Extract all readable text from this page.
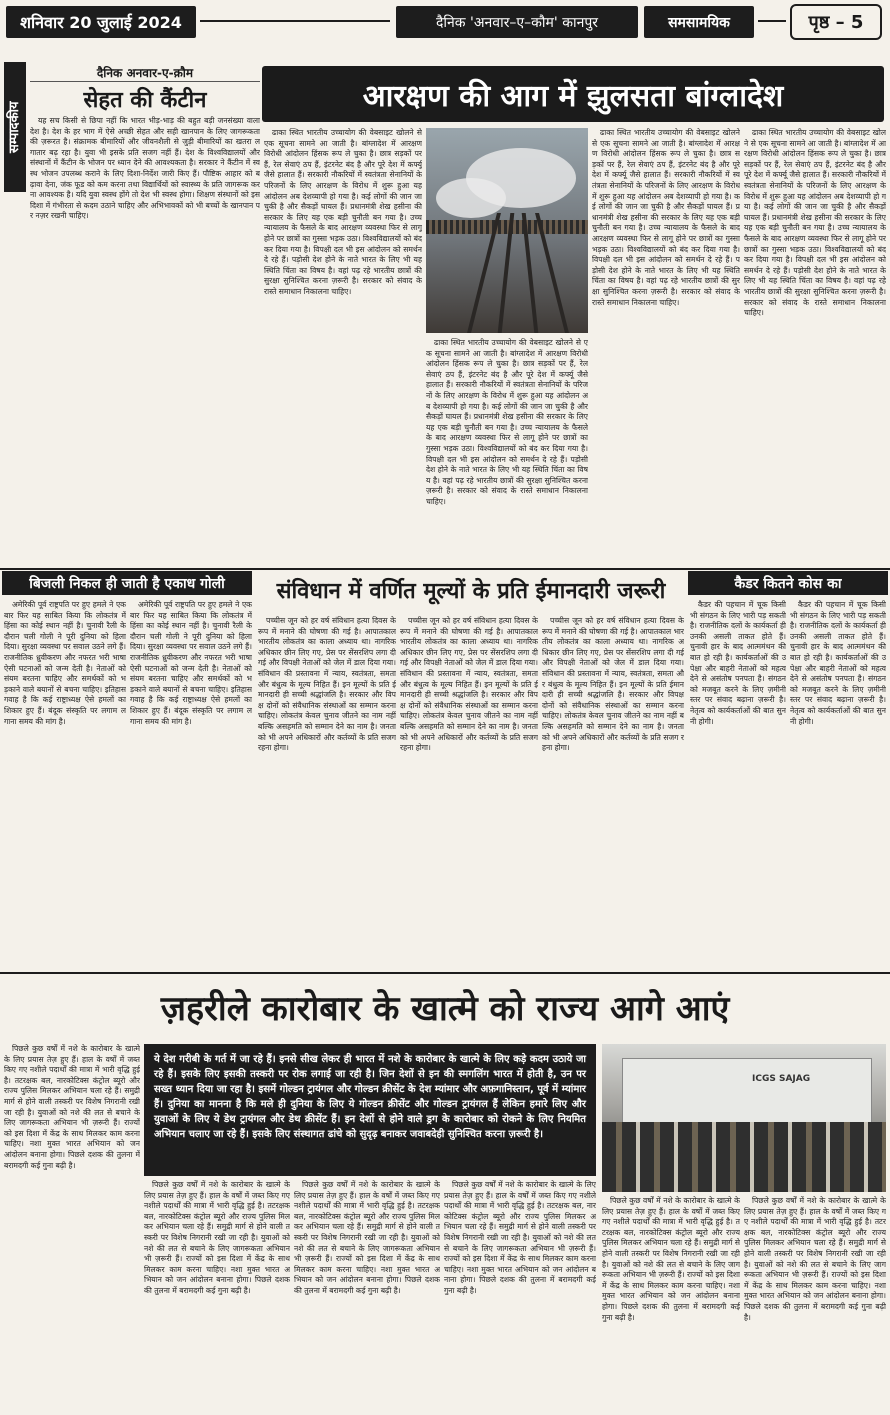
शनिवार 20 जुलाई 2024	दैनिक 'अनवार–ए–कौम' कानपुर	समसामयिक	पृष्ठ – 5
सम्पादकीय
दैनिक अनवार-ए-क़ौम
सेहत की कैंटीन

यह सच किसी से छिपा नहीं कि भारत भीड़-भाड़ की बहुत बड़ी जनसंख्या वाला देश है। देश के हर भाग में ऐसे अच्छी सेहत और सही खानपान के लिए जागरूकता की ज़रूरत है। संक्रामक बीमारियों और जीवनशैली से जुड़ी बीमारियों का खतरा लगातार बढ़ रहा है। युवा भी इसके प्रति सजग नहीं हैं। देश के विश्वविद्यालयों और संस्थानों में कैंटीन के भोजन पर ध्यान देने की आवश्यकता है। सरकार ने कैंटीन में स्वस्थ भोजन उपलब्ध कराने के लिए दिशा-निर्देश जारी किए हैं। पौष्टिक आहार को बढ़ावा देना, जंक फूड को कम करना तथा विद्यार्थियों को स्वास्थ्य के प्रति जागरूक करना आवश्यक है। यदि युवा स्वस्थ होंगे तो देश भी स्वस्थ होगा। शिक्षण संस्थानों को इस दिशा में गंभीरता से कदम उठाने चाहिए और अभिभावकों को भी बच्चों के खानपान पर नज़र रखनी चाहिए।

आरक्षण की आग में झुलसता बांग्लादेश

ढाका स्थित भारतीय उच्चायोग की वेबसाइट खोलने से एक सूचना सामने आ जाती है। बांग्लादेश में आरक्षण विरोधी आंदोलन हिंसक रूप ले चुका है। छात्र सड़कों पर हैं, रेल सेवाएं ठप हैं, इंटरनेट बंद है और पूरे देश में कर्फ्यू जैसे हालात हैं। सरकारी नौकरियों में स्वतंत्रता सेनानियों के परिजनों के लिए आरक्षण के विरोध में शुरू हुआ यह आंदोलन अब देशव्यापी हो गया है। कई लोगों की जान जा चुकी है और सैकड़ों घायल हैं। प्रधानमंत्री शेख हसीना की सरकार के लिए यह एक बड़ी चुनौती बन गया है। उच्च न्यायालय के फैसले के बाद आरक्षण व्यवस्था फिर से लागू होने पर छात्रों का गुस्सा भड़क उठा। विश्वविद्यालयों को बंद कर दिया गया है। विपक्षी दल भी इस आंदोलन को समर्थन दे रहे हैं। पड़ोसी देश होने के नाते भारत के लिए भी यह स्थिति चिंता का विषय है। वहां पढ़ रहे भारतीय छात्रों की सुरक्षा सुनिश्चित करना ज़रूरी है। सरकार को संवाद के रास्ते समाधान निकालना चाहिए।

ढाका स्थित भारतीय उच्चायोग की वेबसाइट खोलने से एक सूचना सामने आ जाती है। बांग्लादेश में आरक्षण विरोधी आंदोलन हिंसक रूप ले चुका है। छात्र सड़कों पर हैं, रेल सेवाएं ठप हैं, इंटरनेट बंद है और पूरे देश में कर्फ्यू जैसे हालात हैं। सरकारी नौकरियों में स्वतंत्रता सेनानियों के परिजनों के लिए आरक्षण के विरोध में शुरू हुआ यह आंदोलन अब देशव्यापी हो गया है। कई लोगों की जान जा चुकी है और सैकड़ों घायल हैं। प्रधानमंत्री शेख हसीना की सरकार के लिए यह एक बड़ी चुनौती बन गया है। उच्च न्यायालय के फैसले के बाद आरक्षण व्यवस्था फिर से लागू होने पर छात्रों का गुस्सा भड़क उठा। विश्वविद्यालयों को बंद कर दिया गया है। विपक्षी दल भी इस आंदोलन को समर्थन दे रहे हैं। पड़ोसी देश होने के नाते भारत के लिए भी यह स्थिति चिंता का विषय है। वहां पढ़ रहे भारतीय छात्रों की सुरक्षा सुनिश्चित करना ज़रूरी है। सरकार को संवाद के रास्ते समाधान निकालना चाहिए।

ढाका स्थित भारतीय उच्चायोग की वेबसाइट खोलने से एक सूचना सामने आ जाती है। बांग्लादेश में आरक्षण विरोधी आंदोलन हिंसक रूप ले चुका है। छात्र सड़कों पर हैं, रेल सेवाएं ठप हैं, इंटरनेट बंद है और पूरे देश में कर्फ्यू जैसे हालात हैं। सरकारी नौकरियों में स्वतंत्रता सेनानियों के परिजनों के लिए आरक्षण के विरोध में शुरू हुआ यह आंदोलन अब देशव्यापी हो गया है। कई लोगों की जान जा चुकी है और सैकड़ों घायल हैं। प्रधानमंत्री शेख हसीना की सरकार के लिए यह एक बड़ी चुनौती बन गया है। उच्च न्यायालय के फैसले के बाद आरक्षण व्यवस्था फिर से लागू होने पर छात्रों का गुस्सा भड़क उठा। विश्वविद्यालयों को बंद कर दिया गया है। विपक्षी दल भी इस आंदोलन को समर्थन दे रहे हैं। पड़ोसी देश होने के नाते भारत के लिए भी यह स्थिति चिंता का विषय है। वहां पढ़ रहे भारतीय छात्रों की सुरक्षा सुनिश्चित करना ज़रूरी है। सरकार को संवाद के रास्ते समाधान निकालना चाहिए।

ढाका स्थित भारतीय उच्चायोग की वेबसाइट खोलने से एक सूचना सामने आ जाती है। बांग्लादेश में आरक्षण विरोधी आंदोलन हिंसक रूप ले चुका है। छात्र सड़कों पर हैं, रेल सेवाएं ठप हैं, इंटरनेट बंद है और पूरे देश में कर्फ्यू जैसे हालात हैं। सरकारी नौकरियों में स्वतंत्रता सेनानियों के परिजनों के लिए आरक्षण के विरोध में शुरू हुआ यह आंदोलन अब देशव्यापी हो गया है। कई लोगों की जान जा चुकी है और सैकड़ों घायल हैं। प्रधानमंत्री शेख हसीना की सरकार के लिए यह एक बड़ी चुनौती बन गया है। उच्च न्यायालय के फैसले के बाद आरक्षण व्यवस्था फिर से लागू होने पर छात्रों का गुस्सा भड़क उठा। विश्वविद्यालयों को बंद कर दिया गया है। विपक्षी दल भी इस आंदोलन को समर्थन दे रहे हैं। पड़ोसी देश होने के नाते भारत के लिए भी यह स्थिति चिंता का विषय है। वहां पढ़ रहे भारतीय छात्रों की सुरक्षा सुनिश्चित करना ज़रूरी है। सरकार को संवाद के रास्ते समाधान निकालना चाहिए।

बिजली निकल ही जाती है एकाध गोली

अमेरिकी पूर्व राष्ट्रपति पर हुए हमले ने एक बार फिर यह साबित किया कि लोकतंत्र में हिंसा का कोई स्थान नहीं है। चुनावी रैली के दौरान चली गोली ने पूरी दुनिया को हिला दिया। सुरक्षा व्यवस्था पर सवाल उठने लगे हैं। राजनीतिक ध्रुवीकरण और नफरत भरी भाषा ऐसी घटनाओं को जन्म देती है। नेताओं को संयम बरतना चाहिए और समर्थकों को भड़काने वाले बयानों से बचना चाहिए। इतिहास गवाह है कि कई राष्ट्राध्यक्ष ऐसे हमलों का शिकार हुए हैं। बंदूक संस्कृति पर लगाम लगाना समय की मांग है।

अमेरिकी पूर्व राष्ट्रपति पर हुए हमले ने एक बार फिर यह साबित किया कि लोकतंत्र में हिंसा का कोई स्थान नहीं है। चुनावी रैली के दौरान चली गोली ने पूरी दुनिया को हिला दिया। सुरक्षा व्यवस्था पर सवाल उठने लगे हैं। राजनीतिक ध्रुवीकरण और नफरत भरी भाषा ऐसी घटनाओं को जन्म देती है। नेताओं को संयम बरतना चाहिए और समर्थकों को भड़काने वाले बयानों से बचना चाहिए। इतिहास गवाह है कि कई राष्ट्राध्यक्ष ऐसे हमलों का शिकार हुए हैं। बंदूक संस्कृति पर लगाम लगाना समय की मांग है।

संविधान में वर्णित मूल्यों के प्रति ईमानदारी जरूरी

पच्चीस जून को हर वर्ष संविधान हत्या दिवस के रूप में मनाने की घोषणा की गई है। आपातकाल भारतीय लोकतंत्र का काला अध्याय था। नागरिक अधिकार छीन लिए गए, प्रेस पर सेंसरशिप लगा दी गई और विपक्षी नेताओं को जेल में डाल दिया गया। संविधान की प्रस्तावना में न्याय, स्वतंत्रता, समता और बंधुत्व के मूल्य निहित हैं। इन मूल्यों के प्रति ईमानदारी ही सच्ची श्रद्धांजलि है। सरकार और विपक्ष दोनों को संवैधानिक संस्थाओं का सम्मान करना चाहिए। लोकतंत्र केवल चुनाव जीतने का नाम नहीं बल्कि असहमति को सम्मान देने का नाम है। जनता को भी अपने अधिकारों और कर्तव्यों के प्रति सजग रहना होगा।

पच्चीस जून को हर वर्ष संविधान हत्या दिवस के रूप में मनाने की घोषणा की गई है। आपातकाल भारतीय लोकतंत्र का काला अध्याय था। नागरिक अधिकार छीन लिए गए, प्रेस पर सेंसरशिप लगा दी गई और विपक्षी नेताओं को जेल में डाल दिया गया। संविधान की प्रस्तावना में न्याय, स्वतंत्रता, समता और बंधुत्व के मूल्य निहित हैं। इन मूल्यों के प्रति ईमानदारी ही सच्ची श्रद्धांजलि है। सरकार और विपक्ष दोनों को संवैधानिक संस्थाओं का सम्मान करना चाहिए। लोकतंत्र केवल चुनाव जीतने का नाम नहीं बल्कि असहमति को सम्मान देने का नाम है। जनता को भी अपने अधिकारों और कर्तव्यों के प्रति सजग रहना होगा।

पच्चीस जून को हर वर्ष संविधान हत्या दिवस के रूप में मनाने की घोषणा की गई है। आपातकाल भारतीय लोकतंत्र का काला अध्याय था। नागरिक अधिकार छीन लिए गए, प्रेस पर सेंसरशिप लगा दी गई और विपक्षी नेताओं को जेल में डाल दिया गया। संविधान की प्रस्तावना में न्याय, स्वतंत्रता, समता और बंधुत्व के मूल्य निहित हैं। इन मूल्यों के प्रति ईमानदारी ही सच्ची श्रद्धांजलि है। सरकार और विपक्ष दोनों को संवैधानिक संस्थाओं का सम्मान करना चाहिए। लोकतंत्र केवल चुनाव जीतने का नाम नहीं बल्कि असहमति को सम्मान देने का नाम है। जनता को भी अपने अधिकारों और कर्तव्यों के प्रति सजग रहना होगा।

कैडर कितने कोस का

कैडर की पहचान में चूक किसी भी संगठन के लिए भारी पड़ सकती है। राजनीतिक दलों के कार्यकर्ता ही उनकी असली ताकत होते हैं। चुनावी हार के बाद आत्ममंथन की बात हो रही है। कार्यकर्ताओं की उपेक्षा और बाहरी नेताओं को महत्व देने से असंतोष पनपता है। संगठन को मजबूत करने के लिए ज़मीनी स्तर पर संवाद बढ़ाना ज़रूरी है। नेतृत्व को कार्यकर्ताओं की बात सुननी होगी।

कैडर की पहचान में चूक किसी भी संगठन के लिए भारी पड़ सकती है। राजनीतिक दलों के कार्यकर्ता ही उनकी असली ताकत होते हैं। चुनावी हार के बाद आत्ममंथन की बात हो रही है। कार्यकर्ताओं की उपेक्षा और बाहरी नेताओं को महत्व देने से असंतोष पनपता है। संगठन को मजबूत करने के लिए ज़मीनी स्तर पर संवाद बढ़ाना ज़रूरी है। नेतृत्व को कार्यकर्ताओं की बात सुननी होगी।

ज़हरीले कारोबार के खात्मे को राज्य आगे आएं

पिछले कुछ वर्षों में नशे के कारोबार के खात्मे के लिए प्रयास तेज़ हुए हैं। हाल के वर्षों में जब्त किए गए नशीले पदार्थों की मात्रा में भारी वृद्धि हुई है। तटरक्षक बल, नारकोटिक्स कंट्रोल ब्यूरो और राज्य पुलिस मिलकर अभियान चला रहे हैं। समुद्री मार्ग से होने वाली तस्करी पर विशेष निगरानी रखी जा रही है। युवाओं को नशे की लत से बचाने के लिए जागरूकता अभियान भी ज़रूरी हैं। राज्यों को इस दिशा में केंद्र के साथ मिलकर काम करना चाहिए। नशा मुक्त भारत अभियान को जन आंदोलन बनाना होगा। पिछले दशक की तुलना में बरामदगी कई गुना बढ़ी है।

ये देश गरीबी के गर्त में जा रहे हैं। इनसे सीख लेकर ही भारत में नशे के कारोबार के खात्मे के लिए कड़े कदम उठाये जा रहे हैं। इसके लिए इसकी तस्करी पर रोक लगाई जा रही है। जिन देशों से इन की स्मगलिंग भारत में होती है, उन पर सख्त ध्यान दिया जा रहा है। इसमें गोल्डन ट्रायंगल और गोल्डन क्रीसेंट के देश म्यांमार और अफ़गानिस्तान, पूर्व में म्यांमार हैं। दुनिया का मानना है कि मले ही दुनिया के लिए ये गोल्डन क्रीसेंट और गोल्डन ट्रायंगल हैं लेकिन हमारे लिए और युवाओं के लिए ये डेथ ट्रायंगल और डेथ क्रीसेंट हैं। इन देशों से होने वाले ड्रग के कारोबार को रोकने के लिए नियमित अभियान चलाए जा रहे हैं। इसके लिए संस्थागत ढांचे को सुदृढ़ बनाकर जवाबदेही सुनिश्चित करना ज़रूरी है।
ICGS SAJAG

पिछले कुछ वर्षों में नशे के कारोबार के खात्मे के लिए प्रयास तेज़ हुए हैं। हाल के वर्षों में जब्त किए गए नशीले पदार्थों की मात्रा में भारी वृद्धि हुई है। तटरक्षक बल, नारकोटिक्स कंट्रोल ब्यूरो और राज्य पुलिस मिलकर अभियान चला रहे हैं। समुद्री मार्ग से होने वाली तस्करी पर विशेष निगरानी रखी जा रही है। युवाओं को नशे की लत से बचाने के लिए जागरूकता अभियान भी ज़रूरी हैं। राज्यों को इस दिशा में केंद्र के साथ मिलकर काम करना चाहिए। नशा मुक्त भारत अभियान को जन आंदोलन बनाना होगा। पिछले दशक की तुलना में बरामदगी कई गुना बढ़ी है।

पिछले कुछ वर्षों में नशे के कारोबार के खात्मे के लिए प्रयास तेज़ हुए हैं। हाल के वर्षों में जब्त किए गए नशीले पदार्थों की मात्रा में भारी वृद्धि हुई है। तटरक्षक बल, नारकोटिक्स कंट्रोल ब्यूरो और राज्य पुलिस मिलकर अभियान चला रहे हैं। समुद्री मार्ग से होने वाली तस्करी पर विशेष निगरानी रखी जा रही है। युवाओं को नशे की लत से बचाने के लिए जागरूकता अभियान भी ज़रूरी हैं। राज्यों को इस दिशा में केंद्र के साथ मिलकर काम करना चाहिए। नशा मुक्त भारत अभियान को जन आंदोलन बनाना होगा। पिछले दशक की तुलना में बरामदगी कई गुना बढ़ी है।

पिछले कुछ वर्षों में नशे के कारोबार के खात्मे के लिए प्रयास तेज़ हुए हैं। हाल के वर्षों में जब्त किए गए नशीले पदार्थों की मात्रा में भारी वृद्धि हुई है। तटरक्षक बल, नारकोटिक्स कंट्रोल ब्यूरो और राज्य पुलिस मिलकर अभियान चला रहे हैं। समुद्री मार्ग से होने वाली तस्करी पर विशेष निगरानी रखी जा रही है। युवाओं को नशे की लत से बचाने के लिए जागरूकता अभियान भी ज़रूरी हैं। राज्यों को इस दिशा में केंद्र के साथ मिलकर काम करना चाहिए। नशा मुक्त भारत अभियान को जन आंदोलन बनाना होगा। पिछले दशक की तुलना में बरामदगी कई गुना बढ़ी है।

पिछले कुछ वर्षों में नशे के कारोबार के खात्मे के लिए प्रयास तेज़ हुए हैं। हाल के वर्षों में जब्त किए गए नशीले पदार्थों की मात्रा में भारी वृद्धि हुई है। तटरक्षक बल, नारकोटिक्स कंट्रोल ब्यूरो और राज्य पुलिस मिलकर अभियान चला रहे हैं। समुद्री मार्ग से होने वाली तस्करी पर विशेष निगरानी रखी जा रही है। युवाओं को नशे की लत से बचाने के लिए जागरूकता अभियान भी ज़रूरी हैं। राज्यों को इस दिशा में केंद्र के साथ मिलकर काम करना चाहिए। नशा मुक्त भारत अभियान को जन आंदोलन बनाना होगा। पिछले दशक की तुलना में बरामदगी कई गुना बढ़ी है।

पिछले कुछ वर्षों में नशे के कारोबार के खात्मे के लिए प्रयास तेज़ हुए हैं। हाल के वर्षों में जब्त किए गए नशीले पदार्थों की मात्रा में भारी वृद्धि हुई है। तटरक्षक बल, नारकोटिक्स कंट्रोल ब्यूरो और राज्य पुलिस मिलकर अभियान चला रहे हैं। समुद्री मार्ग से होने वाली तस्करी पर विशेष निगरानी रखी जा रही है। युवाओं को नशे की लत से बचाने के लिए जागरूकता अभियान भी ज़रूरी हैं। राज्यों को इस दिशा में केंद्र के साथ मिलकर काम करना चाहिए। नशा मुक्त भारत अभियान को जन आंदोलन बनाना होगा। पिछले दशक की तुलना में बरामदगी कई गुना बढ़ी है।
